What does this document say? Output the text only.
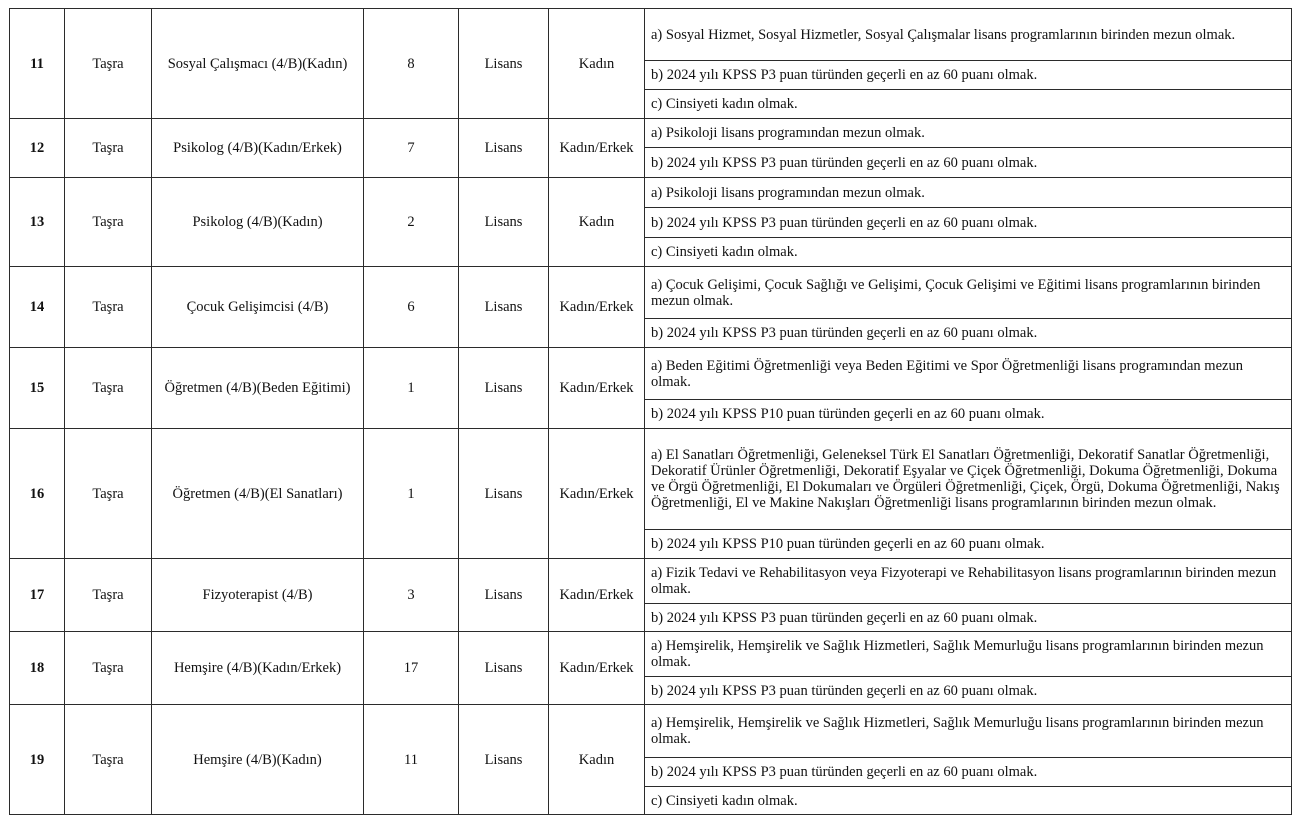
11	Taşra	Sosyal Çalışmacı (4/B)(Kadın)	8	Lisans	Kadın	a) Sosyal Hizmet, Sosyal Hizmetler, Sosyal Çalışmalar lisans programlarının birinden mezun olmak.
						b) 2024 yılı KPSS P3 puan türünden geçerli en az 60 puanı olmak.
						c) Cinsiyeti kadın olmak.
12	Taşra	Psikolog (4/B)(Kadın/Erkek)	7	Lisans	Kadın/Erkek	a) Psikoloji lisans programından mezun olmak.
						b) 2024 yılı KPSS P3 puan türünden geçerli en az 60 puanı olmak.
13	Taşra	Psikolog (4/B)(Kadın)	2	Lisans	Kadın	a) Psikoloji lisans programından mezun olmak.
						b) 2024 yılı KPSS P3 puan türünden geçerli en az 60 puanı olmak.
						c) Cinsiyeti kadın olmak.
14	Taşra	Çocuk Gelişimcisi (4/B)	6	Lisans	Kadın/Erkek	a) Çocuk Gelişimi, Çocuk Sağlığı ve Gelişimi, Çocuk Gelişimi ve Eğitimi lisans programlarının birinden mezun olmak.
						b) 2024 yılı KPSS P3 puan türünden geçerli en az 60 puanı olmak.
15	Taşra	Öğretmen (4/B)(Beden Eğitimi)	1	Lisans	Kadın/Erkek	a) Beden Eğitimi Öğretmenliği veya Beden Eğitimi ve Spor Öğretmenliği lisans programından mezun olmak.
						b) 2024 yılı KPSS P10 puan türünden geçerli en az 60 puanı olmak.
16	Taşra	Öğretmen (4/B)(El Sanatları)	1	Lisans	Kadın/Erkek	a) El Sanatları Öğretmenliği, Geleneksel Türk El Sanatları Öğretmenliği, Dekoratif Sanatlar Öğretmenliği, Dekoratif Ürünler Öğretmenliği, Dekoratif Eşyalar ve Çiçek Öğretmenliği, Dokuma Öğretmenliği, Dokuma ve Örgü Öğretmenliği, El Dokumaları ve Örgüleri Öğretmenliği, Çiçek, Örgü, Dokuma Öğretmenliği, Nakış Öğretmenliği, El ve Makine Nakışları Öğretmenliği lisans programlarının birinden mezun olmak.
						b) 2024 yılı KPSS P10 puan türünden geçerli en az 60 puanı olmak.
17	Taşra	Fizyoterapist (4/B)	3	Lisans	Kadın/Erkek	a) Fizik Tedavi ve Rehabilitasyon veya Fizyoterapi ve Rehabilitasyon lisans programlarının birinden mezun olmak.
						b) 2024 yılı KPSS P3 puan türünden geçerli en az 60 puanı olmak.
18	Taşra	Hemşire (4/B)(Kadın/Erkek)	17	Lisans	Kadın/Erkek	a) Hemşirelik, Hemşirelik ve Sağlık Hizmetleri, Sağlık Memurluğu lisans programlarının birinden mezun olmak.
						b) 2024 yılı KPSS P3 puan türünden geçerli en az 60 puanı olmak.
19	Taşra	Hemşire (4/B)(Kadın)	11	Lisans	Kadın	a) Hemşirelik, Hemşirelik ve Sağlık Hizmetleri, Sağlık Memurluğu lisans programlarının birinden mezun olmak.
						b) 2024 yılı KPSS P3 puan türünden geçerli en az 60 puanı olmak.
						c) Cinsiyeti kadın olmak.
